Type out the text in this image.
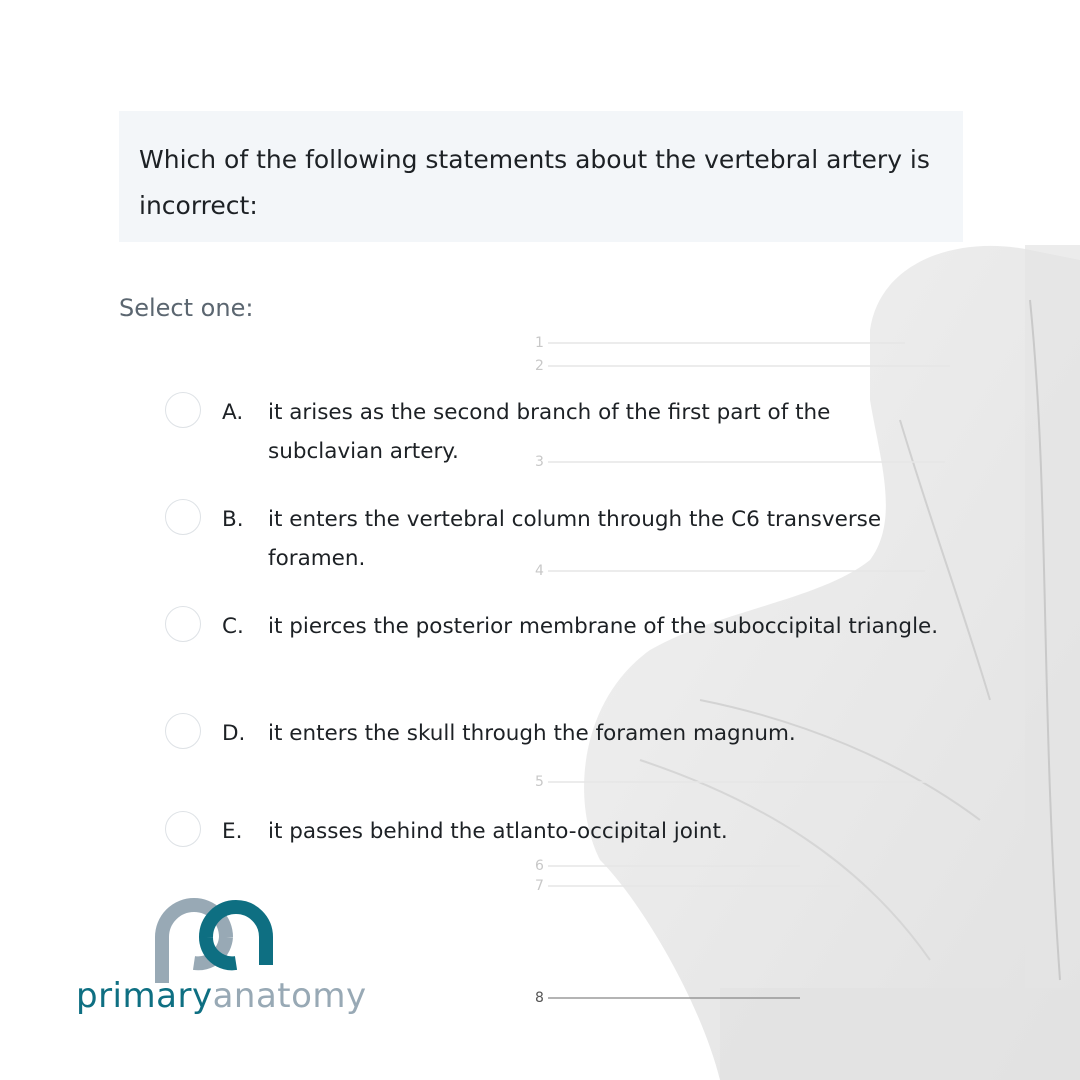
1
2
3
4
5
6
7
8
Which of the following statements about the vertebral artery is incorrect:
Select one:
A. it arises as the second branch of the first part of the subclavian artery.
B. it enters the vertebral column through the C6 transverse foramen.
C. it pierces the posterior membrane of the suboccipital triangle.
D. it enters the skull through the foramen magnum.
E. it passes behind the atlanto-occipital joint.
primaryanatomy
